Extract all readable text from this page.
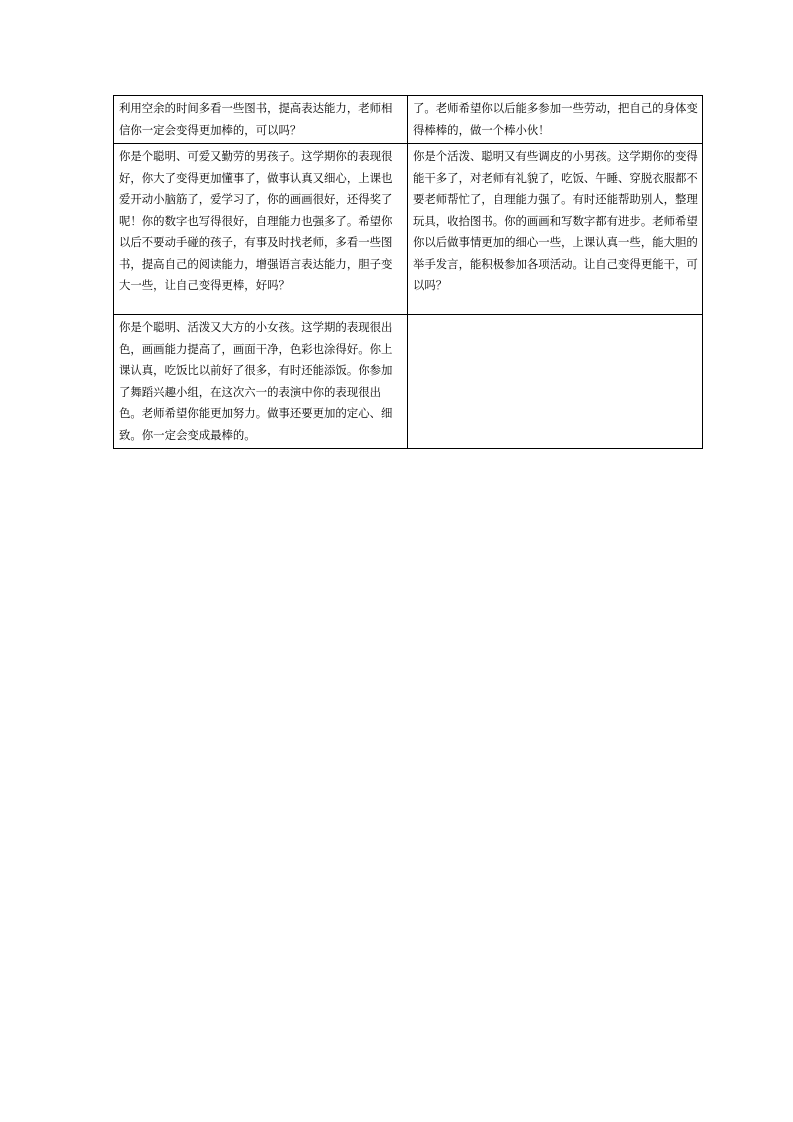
利用空余的时间多看一些图书，提高表达能力，老师相信你一定会变得更加棒的，可以吗？	了。老师希望你以后能多参加一些劳动，把自己的身体变得棒棒的，做一个棒小伙！
你是个聪明、可爱又勤劳的男孩子。这学期你的表现很好，你大了变得更加懂事了，做事认真又细心，上课也爱开动小脑筋了，爱学习了，你的画画很好，还得奖了呢！你的数字也写得很好，自理能力也强多了。希望你以后不要动手碰的孩子，有事及时找老师，多看一些图书，提高自己的阅读能力，增强语言表达能力，胆子变大一些，让自己变得更棒，好吗？	你是个活泼、聪明又有些调皮的小男孩。这学期你的变得能干多了，对老师有礼貌了，吃饭、午睡、穿脱衣服都不要老师帮忙了，自理能力强了。有时还能帮助别人，整理玩具，收拾图书。你的画画和写数字都有进步。老师希望你以后做事情更加的细心一些，上课认真一些，能大胆的举手发言，能积极参加各项活动。让自己变得更能干，可以吗？
你是个聪明、活泼又大方的小女孩。这学期的表现很出色，画画能力提高了，画面干净，色彩也涂得好。你上课认真，吃饭比以前好了很多，有时还能添饭。你参加了舞蹈兴趣小组，在这次六一的表演中你的表现很出色。老师希望你能更加努力。做事还要更加的定心、细致。你一定会变成最棒的。	
